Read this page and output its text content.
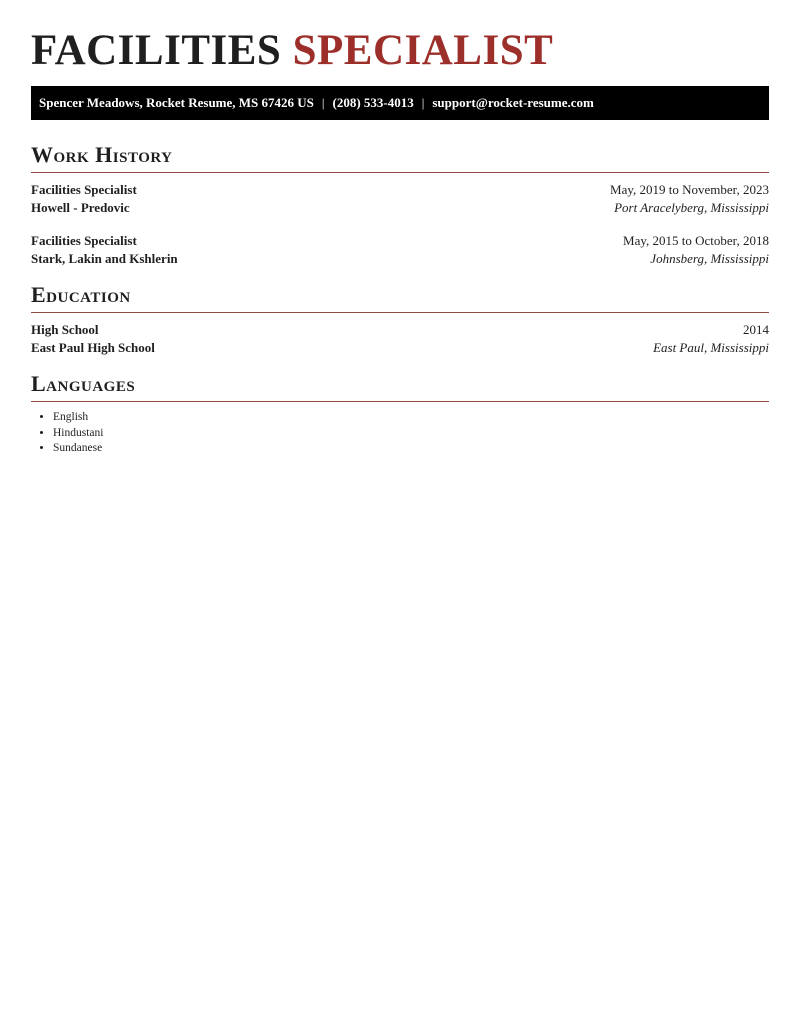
FACILITIES SPECIALIST
Spencer Meadows, Rocket Resume, MS 67426 US | (208) 533-4013 | support@rocket-resume.com
Work History
Facilities Specialist	May, 2019 to November, 2023
Howell - Predovic	Port Aracelyberg, Mississippi
Facilities Specialist	May, 2015 to October, 2018
Stark, Lakin and Kshlerin	Johnsberg, Mississippi
Education
High School	2014
East Paul High School	East Paul, Mississippi
Languages
• English
• Hindustani
• Sundanese
